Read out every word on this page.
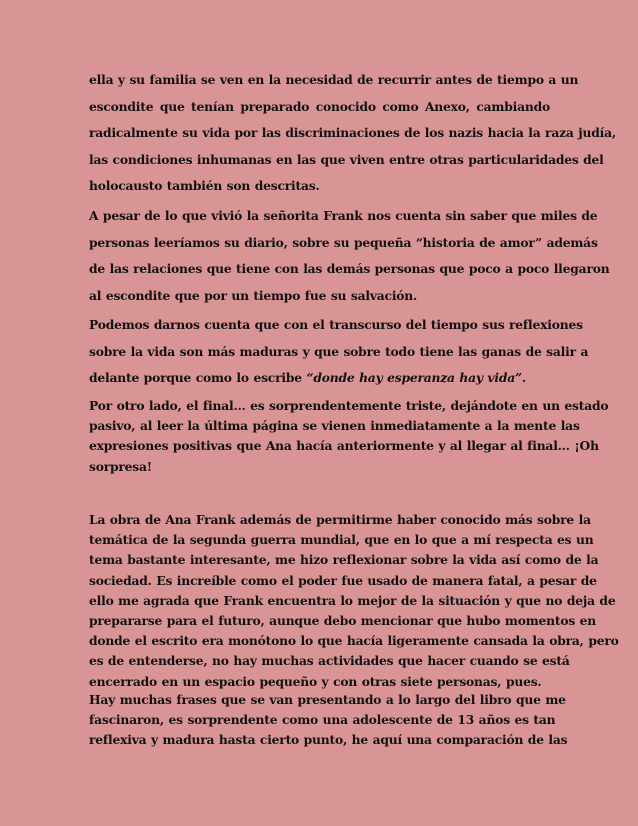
ella y su familia se ven en la necesidad de recurrir antes de tiempo a un
escondite que tenían preparado conocido como Anexo, cambiando
radicalmente su vida por las discriminaciones de los nazis hacia la raza judía,
las condiciones inhumanas en las que viven entre otras particularidades del
holocausto también son descritas.
A pesar de lo que vivió la señorita Frank nos cuenta sin saber que miles de
personas leeríamos su diario, sobre su pequeña “historia de amor” además
de las relaciones que tiene con las demás personas que poco a poco llegaron
al escondite que por un tiempo fue su salvación.
Podemos darnos cuenta que con el transcurso del tiempo sus reflexiones
sobre la vida son más maduras y que sobre todo tiene las ganas de salir a
delante porque como lo escribe “donde hay esperanza hay vida”.
Por otro lado, el final… es sorprendentemente triste, dejándote en un estado
pasivo, al leer la última página se vienen inmediatamente a la mente las
expresiones positivas que Ana hacía anteriormente y al llegar al final… ¡Oh
sorpresa!
La obra de Ana Frank además de permitirme haber conocido más sobre la
temática de la segunda guerra mundial, que en lo que a mí respecta es un
tema bastante interesante, me hizo reflexionar sobre la vida así como de la
sociedad. Es increíble como el poder fue usado de manera fatal, a pesar de
ello me agrada que Frank encuentra lo mejor de la situación y que no deja de
prepararse para el futuro, aunque debo mencionar que hubo momentos en
donde el escrito era monótono lo que hacía ligeramente cansada la obra, pero
es de entenderse, no hay muchas actividades que hacer cuando se está
encerrado en un espacio pequeño y con otras siete personas, pues.
Hay muchas frases que se van presentando a lo largo del libro que me
fascinaron, es sorprendente como una adolescente de 13 años es tan
reflexiva y madura hasta cierto punto, he aquí una comparación de las
